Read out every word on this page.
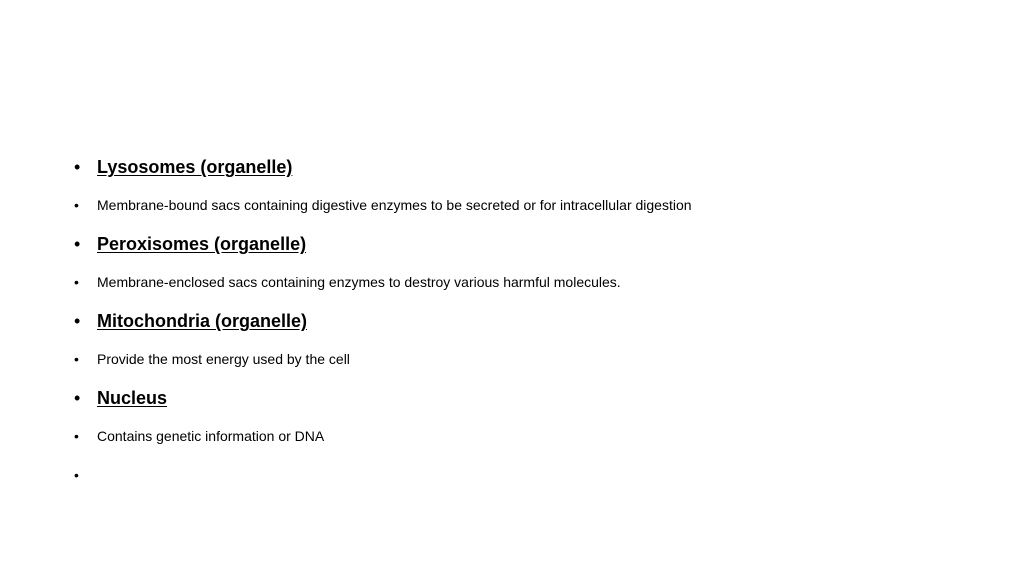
• Lysosomes (organelle)
• Membrane-bound sacs containing digestive enzymes to be secreted or for intracellular digestion
• Peroxisomes (organelle)
• Membrane-enclosed sacs containing enzymes to destroy various harmful molecules.
• Mitochondria (organelle)
• Provide the most energy used by the cell
• Nucleus
• Contains genetic information or DNA
•
